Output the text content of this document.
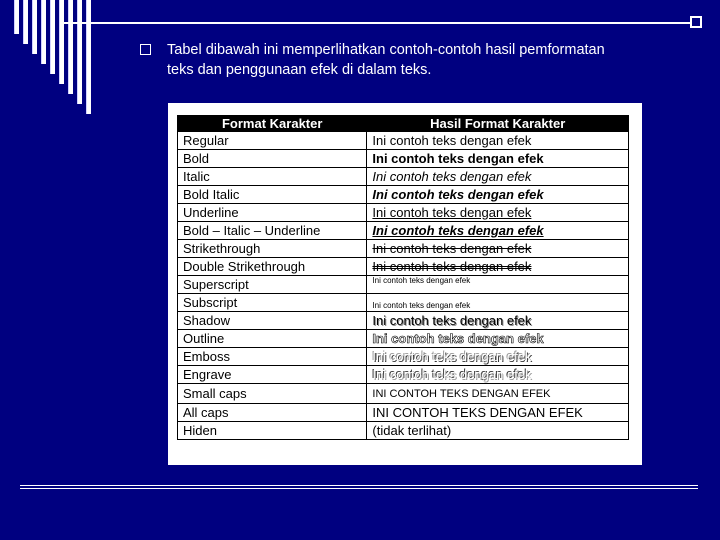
Tabel dibawah ini memperlihatkan contoh-contoh hasil pemformatan
teks dan penggunaan efek di dalam teks.
Format Karakter	Hasil Format Karakter
Regular	Ini contoh teks dengan efek
Bold	Ini contoh teks dengan efek
Italic	Ini contoh teks dengan efek
Bold Italic	Ini contoh teks dengan efek
Underline	Ini contoh teks dengan efek
Bold – Italic – Underline	Ini contoh teks dengan efek
Strikethrough	Ini contoh teks dengan efek
Double Strikethrough	Ini contoh teks dengan efek
Superscript	$^{Ini contoh teks dengan efek}$
Subscript	Ini contoh teks dengan efek
Shadow	Ini contoh teks dengan efek
Outline	Ini contoh teks dengan efek
Emboss	Ini contoh teks dengan efek
Engrave	Ini contoh teks dengan efek
Small caps	INI CONTOH TEKS DENGAN EFEK
All caps	INI CONTOH TEKS DENGAN EFEK
Hiden	(tidak terlihat)
